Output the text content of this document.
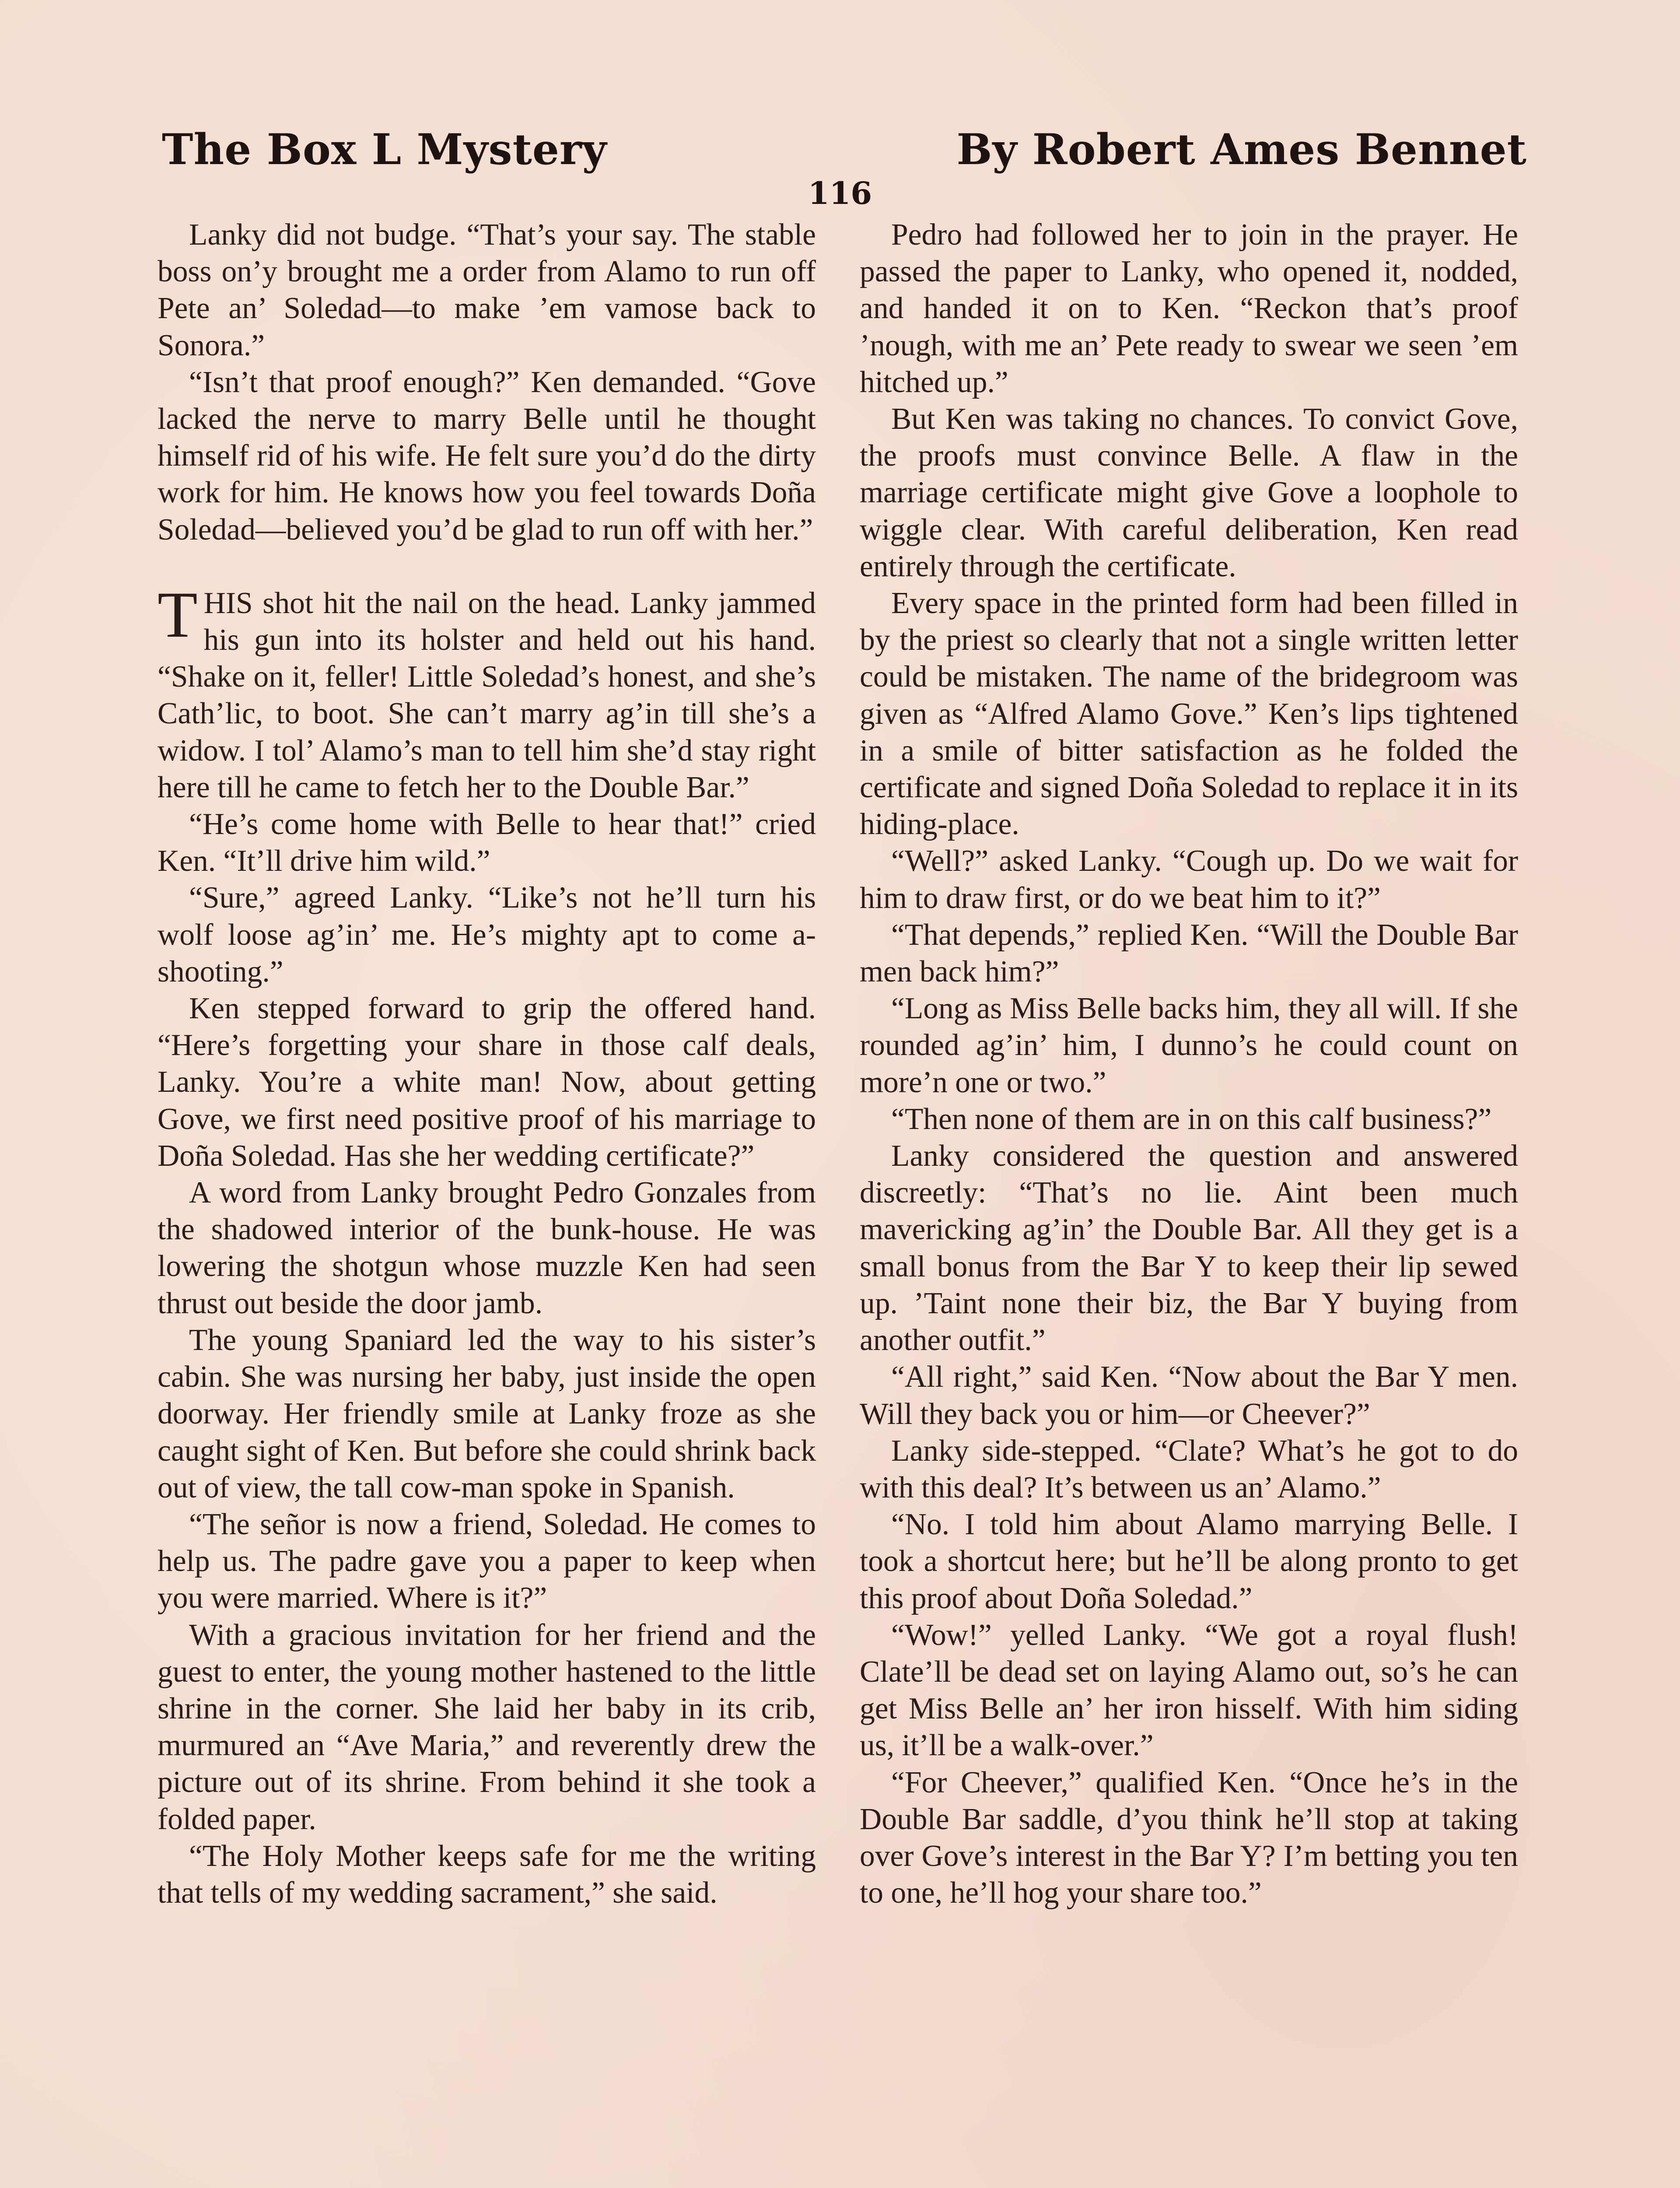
The Box L Mystery	By Robert Ames Bennet
116

Lanky did not budge. “That’s your say. The stable boss on’y brought me a order from Alamo to run off Pete an’ Soledad—to make ’em vamose back to Sonora.”

“Isn’t that proof enough?” Ken demanded. “Gove lacked the nerve to marry Belle until he thought himself rid of his wife. He felt sure you’d do the dirty work for him. He knows how you feel towards Doña Soledad—believed you’d be glad to run off with her.”

THIS shot hit the nail on the head. Lanky jammed his gun into its holster and held out his hand. “Shake on it, feller! Little Soledad’s honest, and she’s Cath’lic, to boot. She can’t marry ag’in till she’s a widow. I tol’ Alamo’s man to tell him she’d stay right here till he came to fetch her to the Double Bar.”

“He’s come home with Belle to hear that!” cried Ken. “It’ll drive him wild.”

“Sure,” agreed Lanky. “Like’s not he’ll turn his wolf loose ag’in’ me. He’s mighty apt to come a-shooting.”

Ken stepped forward to grip the offered hand. “Here’s forgetting your share in those calf deals, Lanky. You’re a white man! Now, about getting Gove, we first need positive proof of his marriage to Doña Soledad. Has she her wedding certificate?”

A word from Lanky brought Pedro Gonzales from the shadowed interior of the bunk-house. He was lowering the shotgun whose muzzle Ken had seen thrust out beside the door jamb.

The young Spaniard led the way to his sister’s cabin. She was nursing her baby, just inside the open doorway. Her friendly smile at Lanky froze as she caught sight of Ken. But before she could shrink back out of view, the tall cow-man spoke in Spanish.

“The señor is now a friend, Soledad. He comes to help us. The padre gave you a paper to keep when you were married. Where is it?”

With a gracious invitation for her friend and the guest to enter, the young mother hastened to the little shrine in the corner. She laid her baby in its crib, murmured an “Ave Maria,” and reverently drew the picture out of its shrine. From behind it she took a folded paper.

“The Holy Mother keeps safe for me the writing that tells of my wedding sacrament,” she said.

Pedro had followed her to join in the prayer. He passed the paper to Lanky, who opened it, nodded, and handed it on to Ken. “Reckon that’s proof ’nough, with me an’ Pete ready to swear we seen ’em hitched up.”

But Ken was taking no chances. To convict Gove, the proofs must convince Belle. A flaw in the marriage certificate might give Gove a loophole to wiggle clear. With careful deliberation, Ken read entirely through the certificate.

Every space in the printed form had been filled in by the priest so clearly that not a single written letter could be mistaken. The name of the bridegroom was given as “Alfred Alamo Gove.” Ken’s lips tightened in a smile of bitter satisfaction as he folded the certificate and signed Doña Soledad to replace it in its hiding-place.

“Well?” asked Lanky. “Cough up. Do we wait for him to draw first, or do we beat him to it?”

“That depends,” replied Ken. “Will the Double Bar men back him?”

“Long as Miss Belle backs him, they all will. If she rounded ag’in’ him, I dunno’s he could count on more’n one or two.”

“Then none of them are in on this calf business?”

Lanky considered the question and answered discreetly: “That’s no lie. Aint been much mavericking ag’in’ the Double Bar. All they get is a small bonus from the Bar Y to keep their lip sewed up. ’Taint none their biz, the Bar Y buying from another outfit.”

“All right,” said Ken. “Now about the Bar Y men. Will they back you or him—or Cheever?”

Lanky side-stepped. “Clate? What’s he got to do with this deal? It’s between us an’ Alamo.”

“No. I told him about Alamo marrying Belle. I took a shortcut here; but he’ll be along pronto to get this proof about Doña Soledad.”

“Wow!” yelled Lanky. “We got a royal flush! Clate’ll be dead set on laying Alamo out, so’s he can get Miss Belle an’ her iron hisself. With him siding us, it’ll be a walk-over.”

“For Cheever,” qualified Ken. “Once he’s in the Double Bar saddle, d’you think he’ll stop at taking over Gove’s interest in the Bar Y? I’m betting you ten to one, he’ll hog your share too.”
